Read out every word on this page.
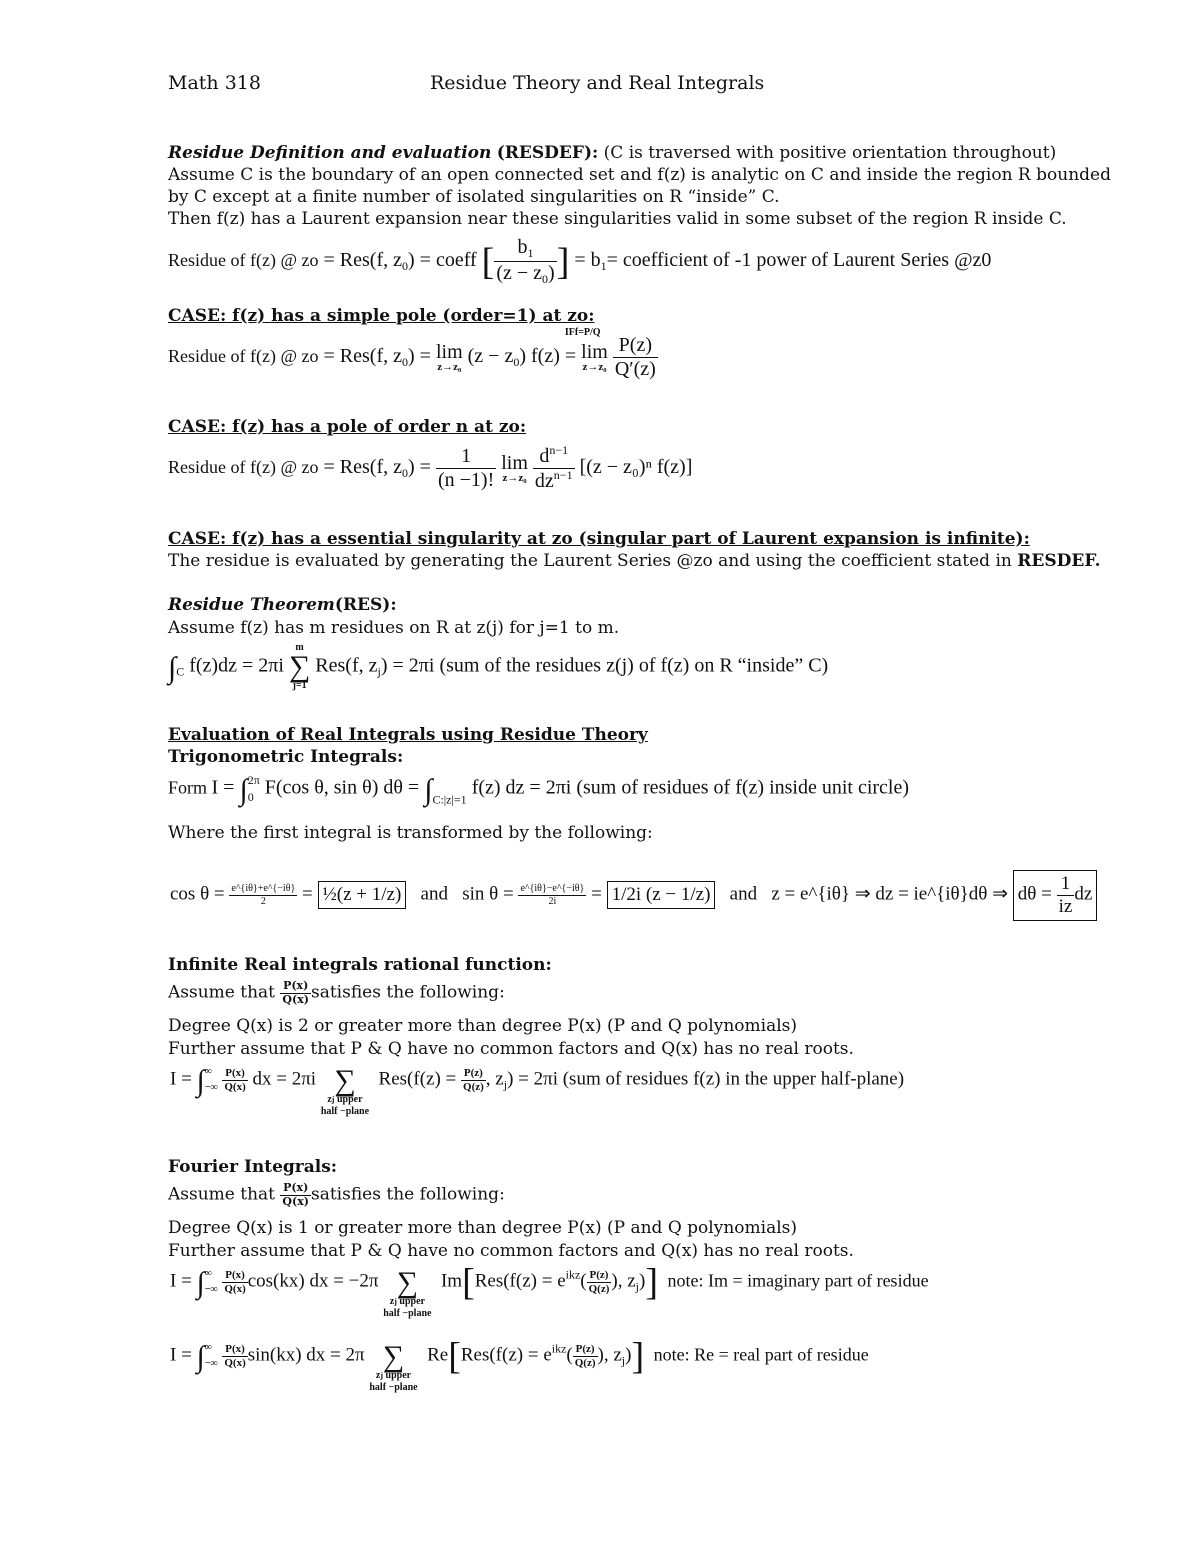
Math 318	Residue Theory and Real Integrals
Residue Definition and evaluation (RESDEF): (C is traversed with positive orientation throughout)
Assume C is the boundary of an open connected set and f(z) is analytic on C and inside the region R bounded
by C except at a finite number of isolated singularities on R “inside” C.
Then f(z) has a Laurent expansion near these singularities valid in some subset of the region R inside C.
Residue of f(z) @ zo = Res(f, $z_0$) = coeff [ $\frac{b_1}{(z - z_0)}$ ] = $b_1=$ coefficient of -1 power of Laurent Series @z0
CASE: f(z) has a simple pole (order=1) at zo:
Residue of f(z) @ zo = Res(f, $z_0) = \lim$
z→z₀ $(z - z_0)$ f(z)
IFf=P/Q
= lim
z→z₀
$\frac{P(z)}{Q'(z)}$
CASE: f(z) has a pole of order n at zo:
Residue of f(z) @ zo = Res(f, $z_0) = \frac{1}{(n -1)!}$ lim
z→z₀
$\frac{d^{n-1}}{dz^{n-1}} [(z - z_0)^n$ f(z)]
CASE: f(z) has a essential singularity at zo (singular part of Laurent expansion is infinite):
The residue is evaluated by generating the Laurent Series @zo and using the coefficient stated in RESDEF.
Residue Theorem(RES):
Assume f(z) has m residues on R at z(j) for j=1 to m.
$\int_C$ f(z)dz = 2πi
m
∑
j=1
Res(f, $z_j) = 2\pi i$ (sum of the residues z(j) of f(z) on R “inside” C)
Evaluation of Real Integrals using Residue Theory
Trigonometric Integrals:
Form I = ∫ 2π
0 F(cos θ, sin θ) $d\theta = \int_{C:|z|=1}$ f(z) dz = 2πi (sum of residues of f(z) inside unit circle)
Where the first integral is transformed by the following:
$\cos \theta = \frac{e\^{}\{i\theta\}+e\^{}\{-i\theta\}}{2}$ = ½(z + 1/z) and $\sin \theta = \frac{e\^{}\{i\theta\}-e\^{}\{-i\theta\}}{2i} = 1/2i$ (z − 1/z) and z = e^{iθ} ⇒ dz = ie^{iθ}dθ ⇒ $d\theta = \frac{1}{iz}$ dz
Infinite Real integrals rational function:
Assume that $\frac{P(x)}{Q(x)}$ satisfies the following:
Degree Q(x) is 2 or greater more than degree P(x) (P and Q polynomials)
Further assume that P & Q have no common factors and Q(x) has no real roots.
I = ∫ ∞
−∞
$\frac{P(x)}{Q(x)}$ dx = 2πi ∑
zj upper
half −plane
$Res(f(z) = \frac{P(z)}{Q(z)}$ , $z_j) = 2\pi i$ (sum of residues f(z) in the upper half-plane)
Fourier Integrals:
Assume that $\frac{P(x)}{Q(x)}$ satisfies the following:
Degree Q(x) is 1 or greater more than degree P(x) (P and Q polynomials)
Further assume that P & Q have no common factors and Q(x) has no real roots.
I = ∫ ∞
−∞
$\frac{P(x)}{Q(x)} \cos(kx)$ dx = −2π ∑
zj upper
half −plane
$Im[Res(f(z) = e^{ikz}( \frac{P(z)}{Q(z)}$ ), $z_j$)] note: Im = imaginary part of residue
I = ∫ ∞
−∞
$\frac{P(x)}{Q(x)} \sin(kx)$ dx = 2π ∑
zj upper
half −plane
$Re[Res(f(z) = e^{ikz}( \frac{P(z)}{Q(z)}$ ), $z_j$)] note: Re = real part of residue
